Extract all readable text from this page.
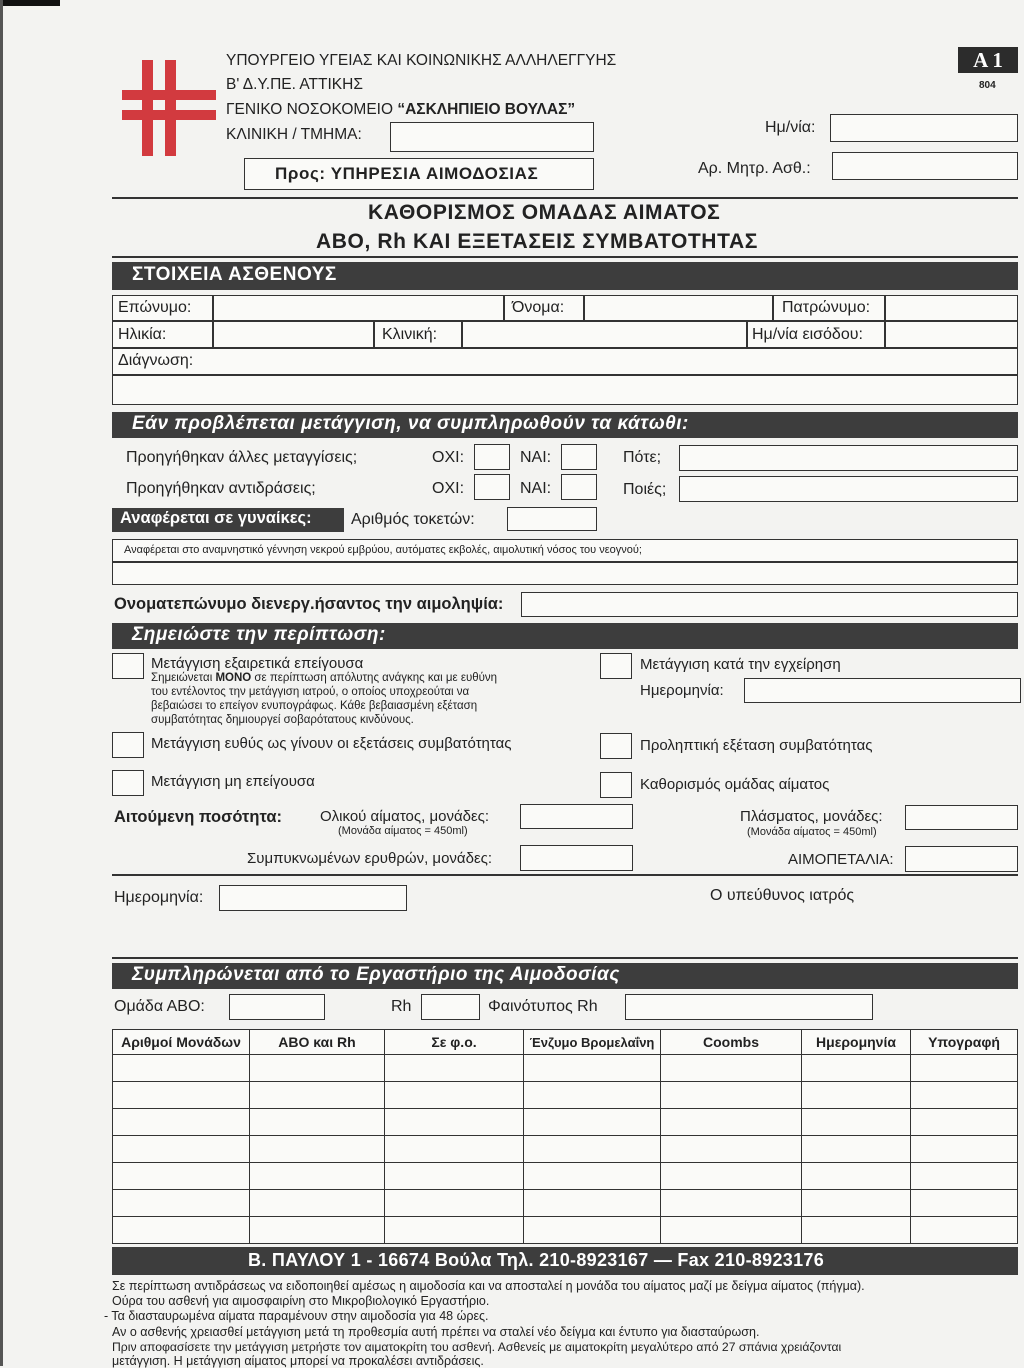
ΥΠΟΥΡΓΕΙΟ ΥΓΕΙΑΣ ΚΑΙ ΚΟΙΝΩΝΙΚΗΣ ΑΛΛΗΛΕΓΓΥΗΣ
Β' Δ.Υ.ΠΕ. ΑΤΤΙΚΗΣ
ΓΕΝΙΚΟ ΝΟΣΟΚΟΜΕΙΟ “ΑΣΚΛΗΠΙΕΙΟ ΒΟΥΛΑΣ”
ΚΛΙΝΙΚΗ / ΤΜΗΜΑ:
Προς: ΥΠΗΡΕΣΙΑ ΑΙΜΟΔΟΣΙΑΣ
Α 1
804
Ημ/νία:
Αρ. Μητρ. Ασθ.:
ΚΑΘΟΡΙΣΜΟΣ ΟΜΑΔΑΣ ΑΙΜΑΤΟΣ
ΑΒΟ, Rh ΚΑΙ ΕΞΕΤΑΣΕΙΣ ΣΥΜΒΑΤΟΤΗΤΑΣ
ΣΤΟΙΧΕΙΑ ΑΣΘΕΝΟΥΣ
Επώνυμο:	Όνομα:	Πατρώνυμο:
Ηλικία:	Κλινική:	Ημ/νία εισόδου:
Διάγνωση:
Εάν προβλέπεται μετάγγιση, να συμπληρωθούν τα κάτωθι:
Προηγήθηκαν άλλες μεταγγίσεις;	ΟΧΙ:	ΝΑΙ:	Πότε;
Προηγήθηκαν αντιδράσεις;	ΟΧΙ:	ΝΑΙ:	Ποιές;
Αναφέρεται σε γυναίκες: Αριθμός τοκετών:
Αναφέρεται στο αναμνηστικό γέννηση νεκρού εμβρύου, αυτόματες εκβολές, αιμολυτική νόσος του νεογνού;
Ονοματεπώνυμο διενεργ.ήσαντος την αιμοληψία:
Σημειώστε την περίπτωση:
Μετάγγιση εξαιρετικά επείγουσα
Σημειώνεται ΜΟΝΟ σε περίπτωση απόλυτης ανάγκης και με ευθύνη
του εντέλοντος την μετάγγιση ιατρού, ο οποίος υποχρεούται να
βεβαιώσει το επείγον ενυπογράφως. Κάθε βεβαιασμένη εξέταση
συμβατότητας δημιουργεί σοβαρότατους κινδύνους.
Μετάγγιση ευθύς ως γίνουν οι εξετάσεις συμβατότητας
Μετάγγιση μη επείγουσα
Μετάγγιση κατά την εγχείρηση
Ημερομηνία:
Προληπτική εξέταση συμβατότητας
Καθορισμός ομάδας αίματος
Αιτούμενη ποσότητα:	Ολικού αίματος, μονάδες:
(Μονάδα αίματος = 450ml)
Πλάσματος, μονάδες:
(Μονάδα αίματος = 450ml)
Συμπυκνωμένων ερυθρών, μονάδες:	ΑΙΜΟΠΕΤΑΛΙΑ:
Ημερομηνία:	Ο υπεύθυνος ιατρός
Συμπληρώνεται από το Εργαστήριο της Αιμοδοσίας
Ομάδα ΑΒΟ:	Rh	Φαινότυπος Rh
Αριθμοί Μονάδων	ΑΒΟ και Rh	Σε φ.ο.	Ένζυμο Βρομελαΐνη	Coombs	Ημερομηνία	Υπογραφή

Β. ΠΑΥΛΟΥ 1 - 16674 Βούλα Τηλ. 210-8923167 — Fax 210-8923176
Σε περίπτωση αντιδράσεως να ειδοποιηθεί αμέσως η αιμοδοσία και να αποσταλεί η μονάδα του αίματος μαζί με δείγμα αίματος (πήγμα).
Ούρα του ασθενή για αιμοσφαιρίνη στο Μικροβιολογικό Εργαστήριο.
- Τα διασταυρωμένα αίματα παραμένουν στην αιμοδοσία για 48 ώρες.
Αν ο ασθενής χρειασθεί μετάγγιση μετά τη προθεσμία αυτή πρέπει να σταλεί νέο δείγμα και έντυπο για διασταύρωση.
Πριν αποφασίσετε την μετάγγιση μετρήστε τον αιματοκρίτη του ασθενή. Ασθενείς με αιματοκρίτη μεγαλύτερο από 27 σπάνια χρειάζονται
μετάγγιση. Η μετάγγιση αίματος μπορεί να προκαλέσει αντιδράσεις.
